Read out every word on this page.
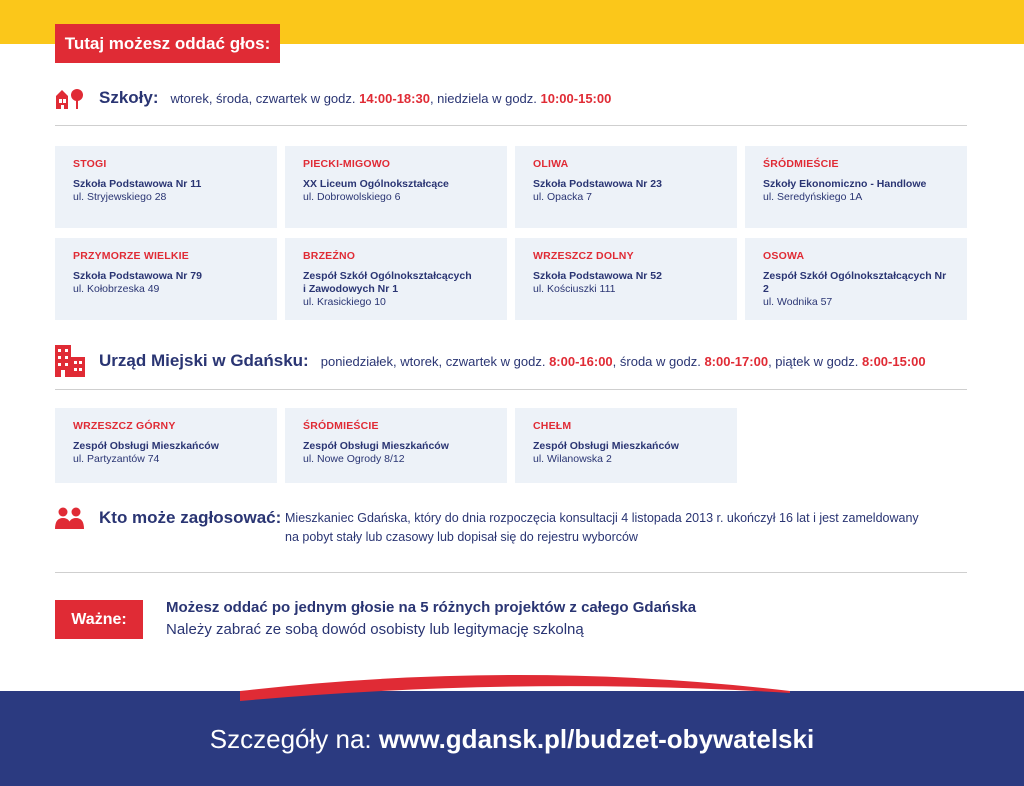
Tutaj możesz oddać głos:
Szkoły: wtorek, środa, czwartek w godz. 14:00-18:30, niedziela w godz. 10:00-15:00
STOGI
Szkoła Podstawowa Nr 11
ul. Stryjewskiego 28
PIECKI-MIGOWO
XX Liceum Ogólnokształcące
ul. Dobrowolskiego 6
OLIWA
Szkoła Podstawowa Nr 23
ul. Opacka 7
ŚRÓDMIEŚCIE
Szkoły Ekonomiczno - Handlowe
ul. Seredyńskiego 1A
PRZYMORZE WIELKIE
Szkoła Podstawowa Nr 79
ul. Kołobrzeska 49
BRZEŹNO
Zespół Szkół Ogólnokształcących
i Zawodowych Nr 1
ul. Krasickiego 10
WRZESZCZ DOLNY
Szkoła Podstawowa Nr 52
ul. Kościuszki 111
OSOWA
Zespół Szkół Ogólnokształcących Nr 2
ul. Wodnika 57
Urząd Miejski w Gdańsku: poniedziałek, wtorek, czwartek w godz. 8:00-16:00, środa w godz. 8:00-17:00, piątek w godz. 8:00-15:00
WRZESZCZ GÓRNY
Zespół Obsługi Mieszkańców
ul. Partyzantów 74
ŚRÓDMIEŚCIE
Zespół Obsługi Mieszkańców
ul. Nowe Ogrody 8/12
CHEŁM
Zespół Obsługi Mieszkańców
ul. Wilanowska 2
Kto może zagłosować: Mieszkaniec Gdańska, który do dnia rozpoczęcia konsultacji 4 listopada 2013 r. ukończył 16 lat i jest zameldowany
na pobyt stały lub czasowy lub dopisał się do rejestru wyborców
Ważne:
Możesz oddać po jednym głosie na 5 różnych projektów z całego Gdańska
Należy zabrać ze sobą dowód osobisty lub legitymację szkolną
Szczegóły na: www.gdansk.pl/budzet-obywatelski
